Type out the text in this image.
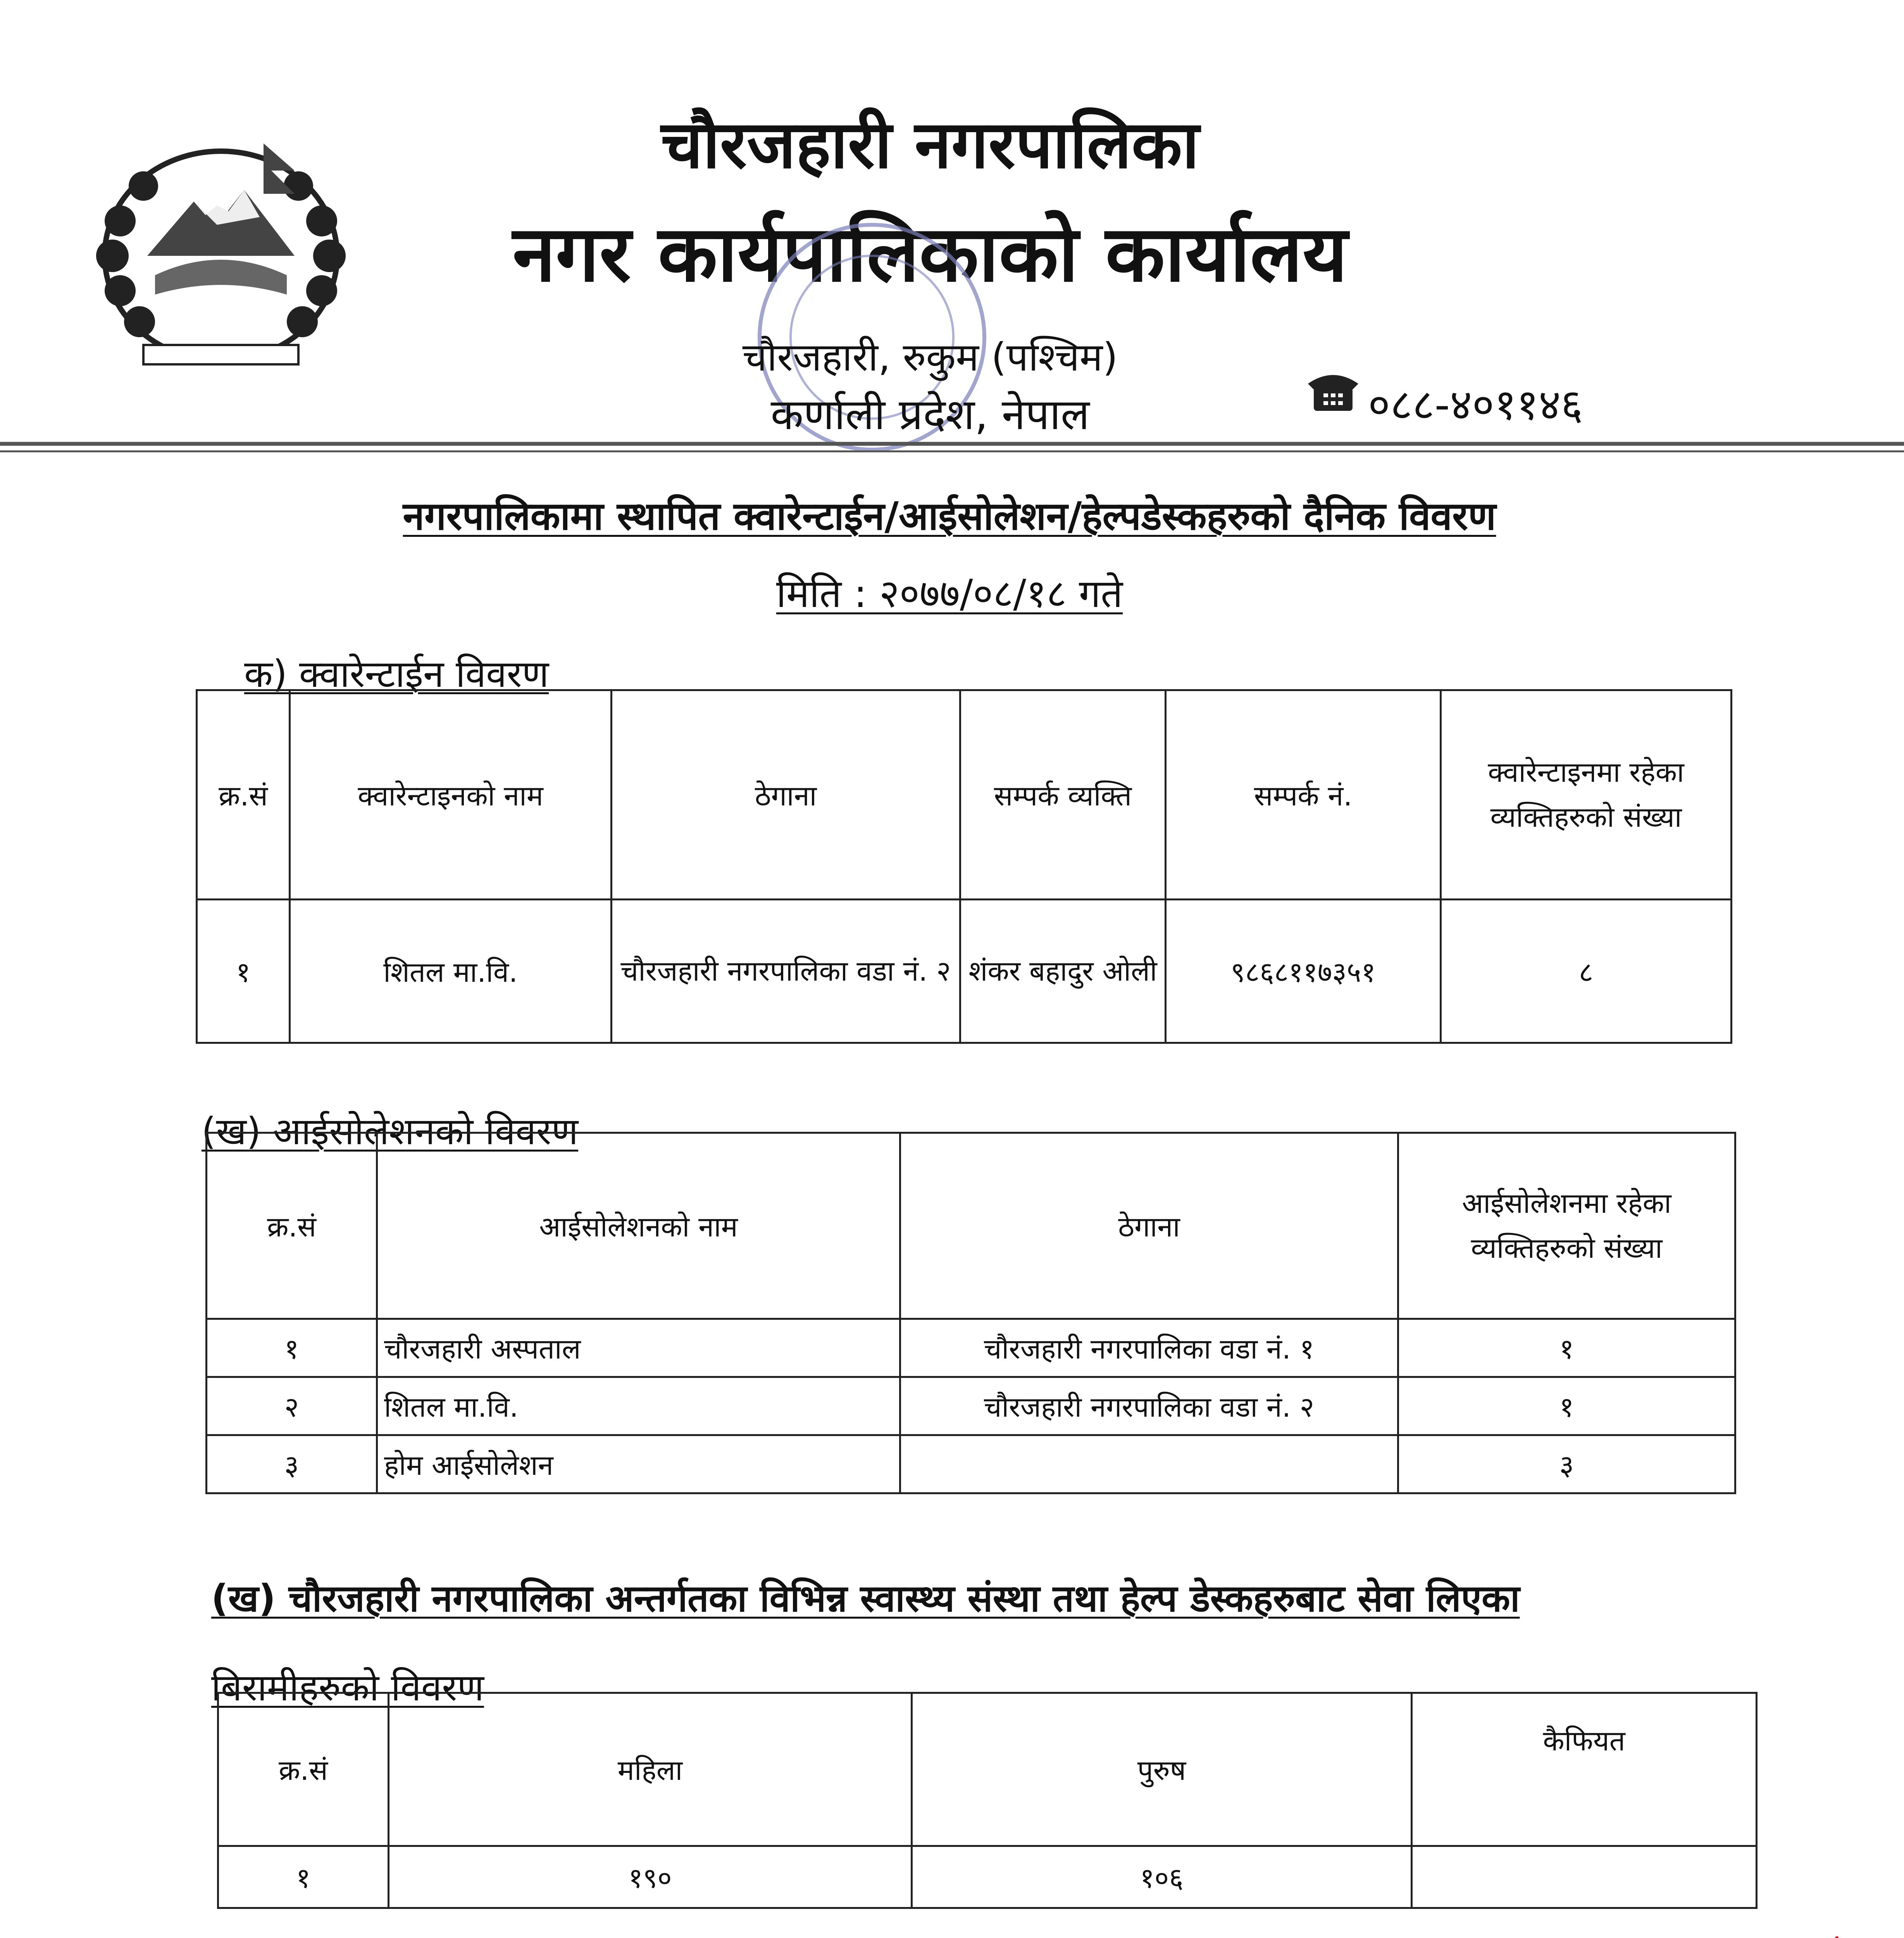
चौरजहारी नगरपालिका
नगर कार्यपालिकाको कार्यालय
चौरजहारी, रुकुम (पश्चिम)
कर्णाली प्रदेश, नेपाल	०८८-४०११४६
नगरपालिकामा स्थापित क्वारेन्टाईन/आईसोलेशन/हेल्पडेस्कहरुको दैनिक विवरण
मिति : २०७७/०८/१८ गते
क) क्वारेन्टाईन विवरण
क्र.सं	क्वारेन्टाइनको नाम	ठेगाना	सम्पर्क व्यक्ति	सम्पर्क नं.	क्वारेन्टाइनमा रहेका व्यक्तिहरुको संख्या
१	शितल मा.वि.	चौरजहारी नगरपालिका वडा नं. २	शंकर बहादुर ओली	९८६८११७३५१	८
(ख) आईसोलेशनको विवरण
क्र.सं	आईसोलेशनको नाम	ठेगाना	आईसोलेशनमा रहेका व्यक्तिहरुको संख्या
१	चौरजहारी अस्पताल	चौरजहारी नगरपालिका वडा नं. १	१
२	शितल मा.वि.	चौरजहारी नगरपालिका वडा नं. २	१
३	होम आईसोलेशन		३
(ख) चौरजहारी नगरपालिका अन्तर्गतका विभिन्न स्वास्थ्य संस्था तथा हेल्प डेस्कहरुबाट सेवा लिएका
बिरामीहरुको विवरण
क्र.सं	महिला	पुरुष	कैफियत
१	१९०	१०६	
